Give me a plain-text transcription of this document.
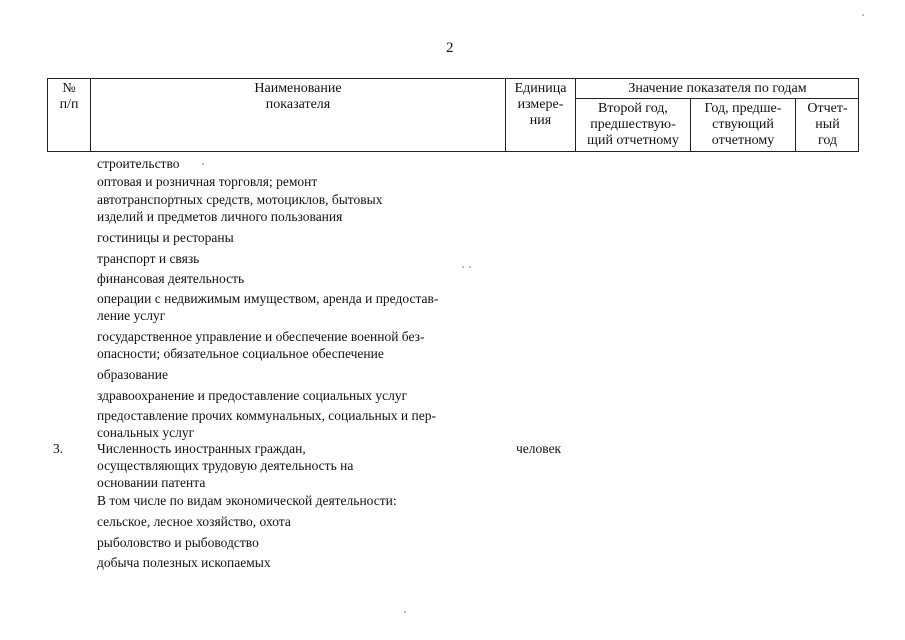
2
№
п/п
Наименование
показателя
Единица
измере-
ния
Значение показателя по годам
Второй год,
предшествую-
щий отчетному
Год, предше-
ствующий
отчетному
Отчет-
ный
год
строительство
оптовая и розничная торговля; ремонт
автотранспортных средств, мотоциклов, бытовых
изделий и предметов личного пользования
гостиницы и рестораны
транспорт и связь
финансовая деятельность
операции с недвижимым имуществом, аренда и предостав-
ление услуг
государственное управление и обеспечение военной без-
опасности; обязательное социальное обеспечение
образование
здравоохранение и предоставление социальных услуг
предоставление прочих коммунальных, социальных и пер-
сональных услуг
Численность иностранных граждан,
осуществляющих трудовую деятельность на
основании патента
В том числе по видам экономической деятельности:
сельское, лесное хозяйство, охота
рыболовство и рыбоводство
добыча полезных ископаемых
3.	человек
